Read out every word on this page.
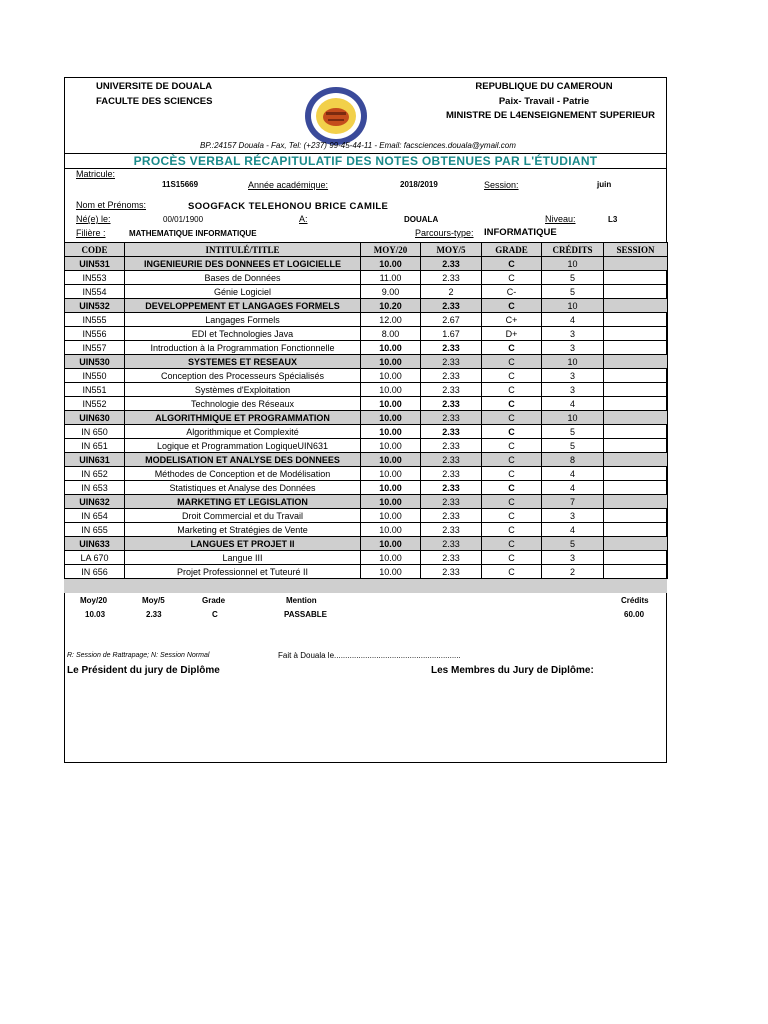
UNIVERSITE DE DOUALA
FACULTE DES SCIENCES
REPUBLIQUE DU CAMEROUN
Paix- Travail - Patrie
MINISTRE DE L4ENSEIGNEMENT SUPERIEUR
BP.:24157 Douala - Fax, Tel: (+237) 99-45-44-11 - Email: facsciences.douala@ymail.com
PROCÈS VERBAL RÉCAPITULATIF DES NOTES OBTENUES PAR L'ÉTUDIANT
Matricule:
11S15669	Année académique:	2018/2019	Session:	juin
Nom et Prénoms:	SOOGFACK TELEHONOU BRICE CAMILE
Né(e) le:	00/01/1900	A:	DOUALA	Niveau:	L3
Filière :	MATHEMATIQUE INFORMATIQUE	Parcours-type: INFORMATIQUE
CODE	INTITULÉ/TITLE	MOY/20	MOY/5	GRADE	CRÉDITS	SESSION
UIN531	INGENIEURIE DES DONNEES ET LOGICIELLE	10.00	2.33	C	10	
IN553	Bases de Données	11.00	2.33	C	5	
IN554	Génie Logiciel	9.00	2	C-	5	
UIN532	DEVELOPPEMENT ET LANGAGES FORMELS	10.20	2.33	C	10	
IN555	Langages Formels	12.00	2.67	C+	4	
IN556	EDI et Technologies Java	8.00	1.67	D+	3	
IN557	Introduction à la Programmation Fonctionnelle	10.00	2.33	C	3	
UIN530	SYSTEMES ET RESEAUX	10.00	2.33	C	10	
IN550	Conception des Processeurs Spécialisés	10.00	2.33	C	3	
IN551	Systèmes d'Exploitation	10.00	2.33	C	3	
IN552	Technologie des Réseaux	10.00	2.33	C	4	
UIN630	ALGORITHMIQUE ET PROGRAMMATION	10.00	2.33	C	10	
IN 650	Algorithmique et Complexité	10.00	2.33	C	5	
IN 651	Logique et Programmation LogiqueUIN631	10.00	2.33	C	5	
UIN631	MODELISATION ET ANALYSE DES DONNEES	10.00	2.33	C	8	
IN 652	Méthodes de Conception et de Modélisation	10.00	2.33	C	4	
IN 653	Statistiques et Analyse des Données	10.00	2.33	C	4	
UIN632	MARKETING ET LEGISLATION	10.00	2.33	C	7	
IN 654	Droit Commercial et du Travail	10.00	2.33	C	3	
IN 655	Marketing et Stratégies de Vente	10.00	2.33	C	4	
UIN633	LANGUES ET PROJET II	10.00	2.33	C	5	
LA 670	Langue III	10.00	2.33	C	3	
IN 656	Projet Professionnel et Tuteuré II	10.00	2.33	C	2	
Moy/20	Moy/5	Grade	Mention	Crédits
10.03	2.33	C	PASSABLE	60.00
R: Session de Rattrapage; N: Session Normal	Fait à Douala le.........................................................
Le Président du jury de Diplôme	Les Membres du Jury de Diplôme:
